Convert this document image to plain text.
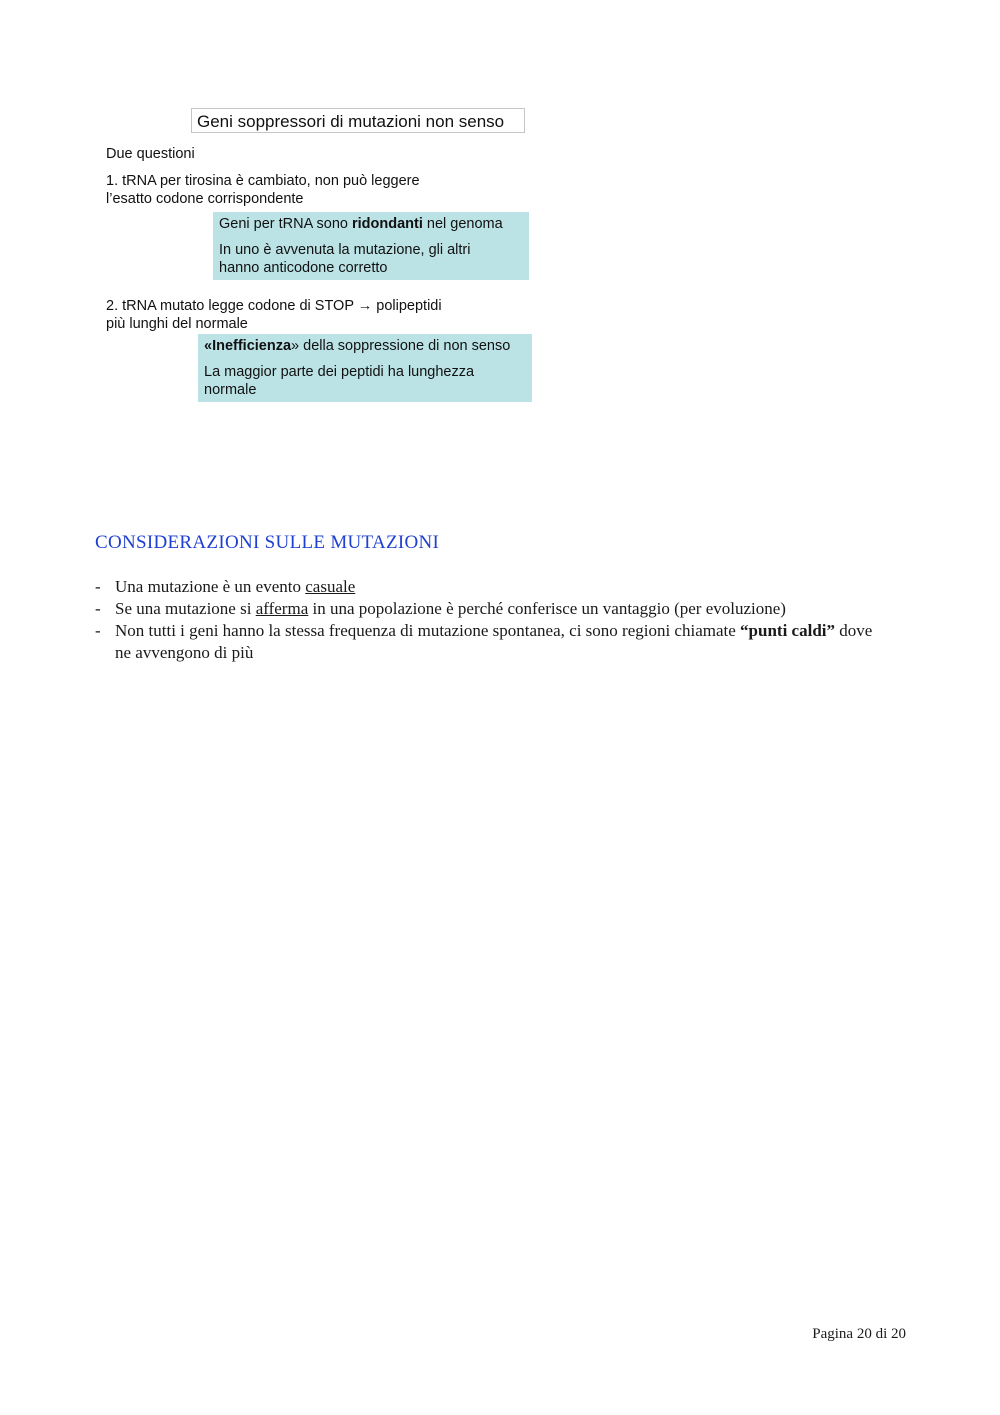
Geni soppressori di mutazioni non senso
Due questioni
1. tRNA per tirosina è cambiato, non può leggere
l’esatto codone corrispondente

Geni per tRNA sono ridondanti nel genoma

In uno è avvenuta la mutazione, gli altri
hanno anticodone corretto

2. tRNA mutato legge codone di STOP → polipeptidi
più lunghi del normale

«Inefficienza» della soppressione di non senso

La maggior parte dei peptidi ha lunghezza
normale

CONSIDERAZIONI SULLE MUTAZIONI
- Una mutazione è un evento casuale
- Se una mutazione si afferma in una popolazione è perché conferisce un vantaggio (per evoluzione)
- Non tutti i geni hanno la stessa frequenza di mutazione spontanea, ci sono regioni chiamate “punti caldi” dove ne avvengono di più
Pagina 20 di 20
